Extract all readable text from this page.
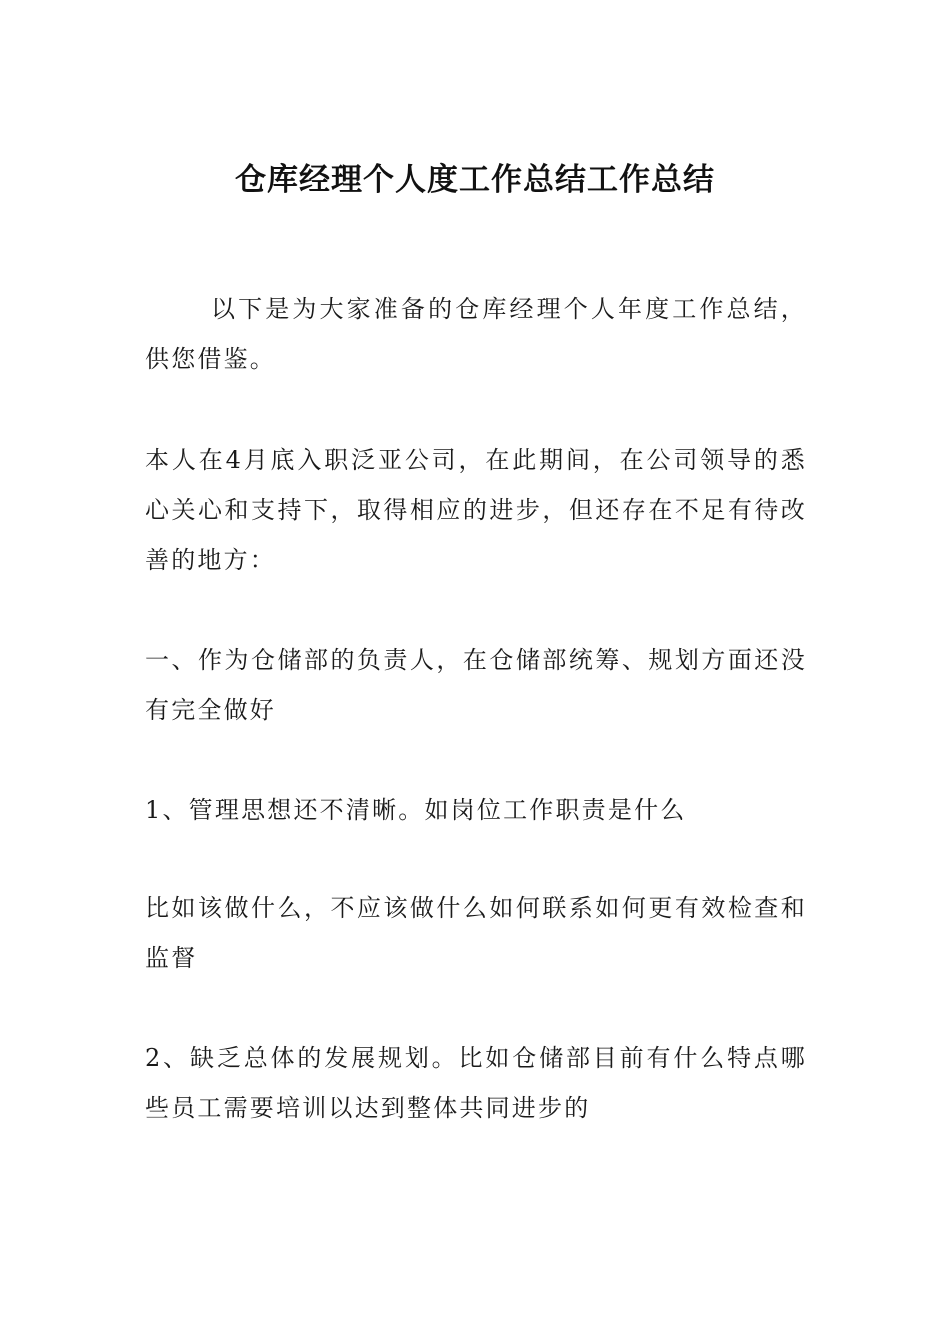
仓库经理个人度工作总结工作总结

以下是为大家准备的仓库经理个人年度工作总结，供您借鉴。

本人在4月底入职泛亚公司，在此期间，在公司领导的悉心关心和支持下，取得相应的进步，但还存在不足有待改善的地方：

一、作为仓储部的负责人，在仓储部统筹、规划方面还没有完全做好

1、管理思想还不清晰。如岗位工作职责是什么

比如该做什么，不应该做什么如何联系如何更有效检查和监督

2、缺乏总体的发展规划。比如仓储部目前有什么特点哪些员工需要培训以达到整体共同进步的
